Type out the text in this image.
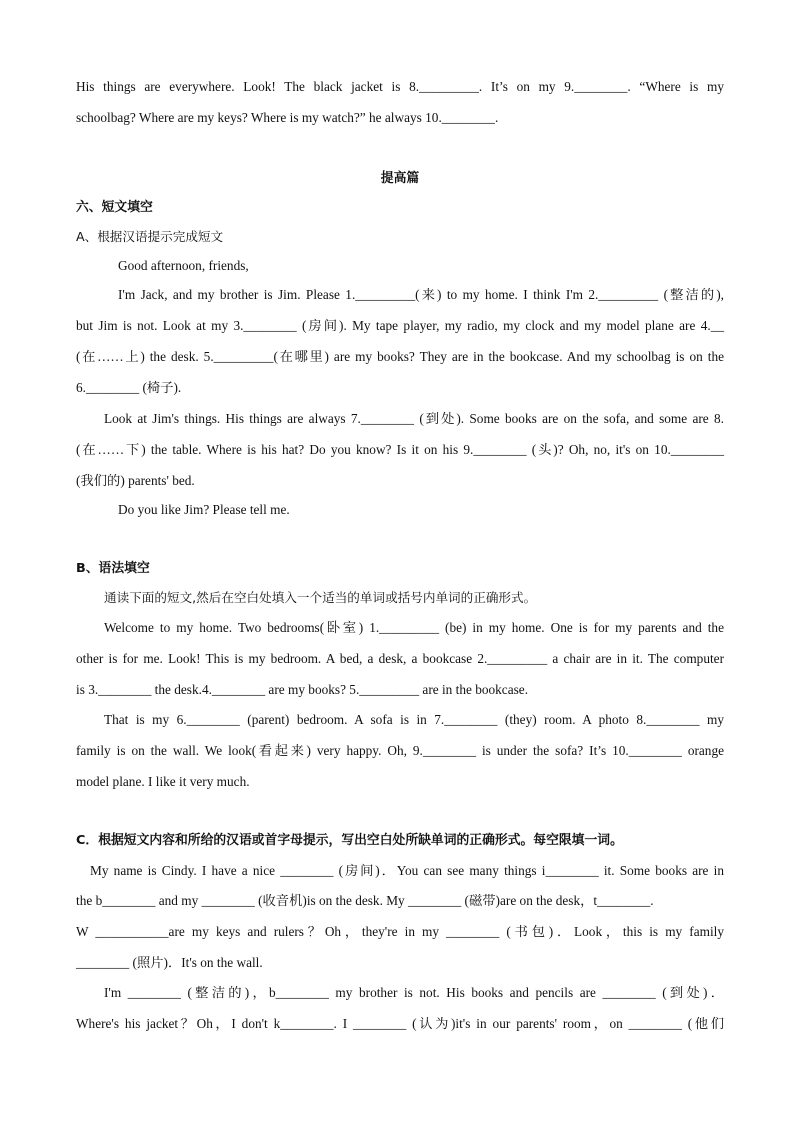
His things are everywhere. Look! The black jacket is 8._________. It’s on my 9.________. “Where is my
schoolbag? Where are my keys? Where is my watch?” he always 10.________.
提高篇
六、短文填空
A、根据汉语提示完成短文
Good afternoon, friends,
I'm Jack, and my brother is Jim. Please 1._________(来) to my home. I think I'm 2._________ (整洁的),
but Jim is not. Look at my 3.________ (房间). My tape player, my radio, my clock and my model plane are 4.__
(在……上) the desk. 5._________(在哪里) are my books? They are in the bookcase. And my schoolbag is on the
6.________ (椅子).
Look at Jim's things. His things are always 7.________ (到处). Some books are on the sofa, and some are 8.
(在……下) the table. Where is his hat? Do you know? Is it on his 9.________ (头)? Oh, no, it's on 10.________
(我们的) parents' bed.
Do you like Jim? Please tell me.
B、语法填空
通读下面的短文,然后在空白处填入一个适当的单词或括号内单词的正确形式。
Welcome to my home. Two bedrooms(卧室) 1._________ (be) in my home. One is for my parents and the
other is for me. Look! This is my bedroom. A bed, a desk, a bookcase 2._________ a chair are in it. The computer
is 3.________ the desk.4.________ are my books? 5._________ are in the bookcase.
That is my 6.________ (parent) bedroom. A sofa is in 7.________ (they) room. A photo 8.________ my
family is on the wall. We look(看起来) very happy. Oh, 9.________ is under the sofa? It’s 10.________ orange
model plane. I like it very much.
C．根据短文内容和所给的汉语或首字母提示，写出空白处所缺单词的正确形式。每空限填一词。
My name is Cindy. I have a nice ________ (房间)．You can see many things i________ it. Some books are in
the b________ and my ________ (收音机)is on the desk. My ________ (磁带)are on the desk，t________.
W ___________are my keys and rulers？Oh，they're in my ________ (书包)．Look，this is my family
________ (照片)．It's on the wall.
I'm ________ (整洁的)，b________ my brother is not. His books and pencils are ________ (到处)．
Where's his jacket？Oh，I don't k________. I ________ (认为)it's in our parents' room，on ________ (他们
